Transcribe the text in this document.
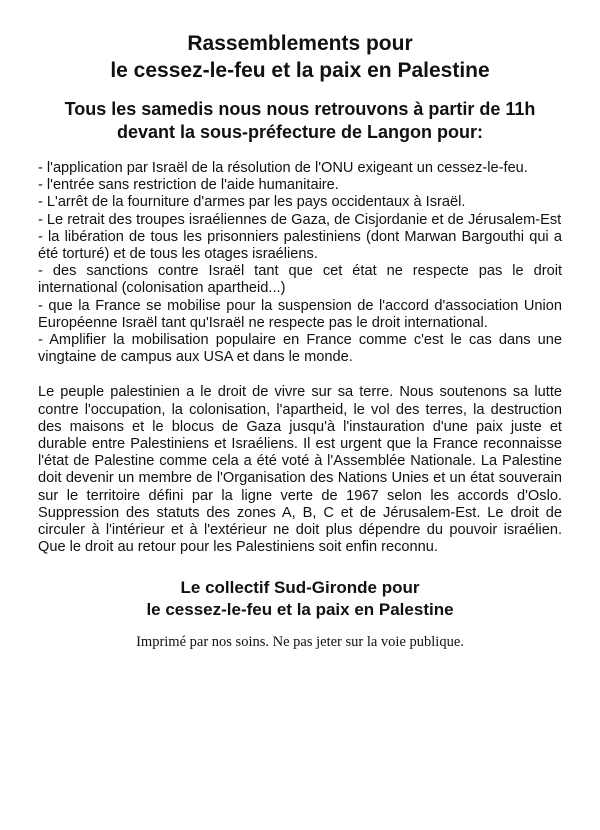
Rassemblements pour
le cessez-le-feu et la paix en Palestine
Tous les samedis nous nous retrouvons à partir de 11h
devant la sous-préfecture de Langon pour:
- l'application par Israël de la résolution de l'ONU exigeant un cessez-le-feu.
- l'entrée sans restriction de l'aide humanitaire.
- L'arrêt de la fourniture d'armes par les pays occidentaux à Israël.
- Le retrait des troupes israéliennes de Gaza, de Cisjordanie et de Jérusalem-Est
- la libération de tous les prisonniers palestiniens (dont Marwan Bargouthi qui a été torturé) et de tous les otages israéliens.
- des sanctions contre Israël tant que cet état ne respecte pas le droit international (colonisation apartheid...)
- que la France se mobilise pour la suspension de l'accord d'association Union Européenne Israël tant qu'Israël ne respecte pas le droit international.
- Amplifier la mobilisation populaire en France comme c'est le cas dans une vingtaine de campus aux USA et dans le monde.

Le peuple palestinien a le droit de vivre sur sa terre. Nous soutenons sa lutte contre l'occupation, la colonisation, l'apartheid, le vol des terres, la destruction des maisons et le blocus de Gaza jusqu'à l'instauration d'une paix juste et durable entre Palestiniens et Israéliens. Il est urgent que la France reconnaisse l'état de Palestine comme cela a été voté à l'Assemblée Nationale. La Palestine doit devenir un membre de l'Organisation des Nations Unies et un état souverain sur le territoire défini par la ligne verte de 1967 selon les accords d'Oslo. Suppression des statuts des zones A, B, C et de Jérusalem-Est. Le droit de circuler à l'intérieur et à l'extérieur ne doit plus dépendre du pouvoir israélien. Que le droit au retour pour les Palestiniens soit enfin reconnu.

Le collectif Sud-Gironde pour
le cessez-le-feu et la paix en Palestine

Imprimé par nos soins. Ne pas jeter sur la voie publique.
